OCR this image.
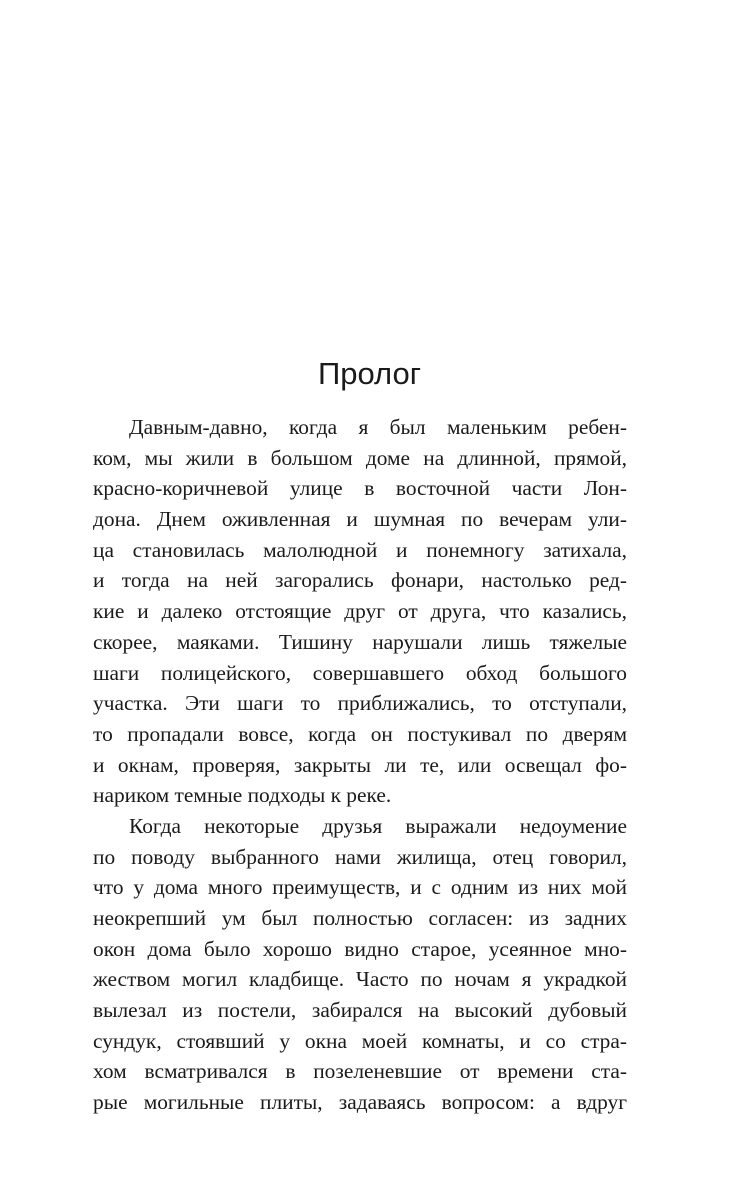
Пролог
Давным-давно, когда я был маленьким ребен-
ком, мы жили в большом доме на длинной, прямой,
красно-коричневой улице в восточной части Лон-
дона. Днем оживленная и шумная по вечерам ули-
ца становилась малолюдной и понемногу затихала,
и тогда на ней загорались фонари, настолько ред-
кие и далеко отстоящие друг от друга, что казались,
скорее, маяками. Тишину нарушали лишь тяжелые
шаги полицейского, совершавшего обход большого
участка. Эти шаги то приближались, то отступали,
то пропадали вовсе, когда он постукивал по дверям
и окнам, проверяя, закрыты ли те, или освещал фо-
нариком темные подходы к реке.
Когда некоторые друзья выражали недоумение
по поводу выбранного нами жилища, отец говорил,
что у дома много преимуществ, и с одним из них мой
неокрепший ум был полностью согласен: из задних
окон дома было хорошо видно старое, усеянное мно-
жеством могил кладбище. Часто по ночам я украдкой
вылезал из постели, забирался на высокий дубовый
сундук, стоявший у окна моей комнаты, и со стра-
хом всматривался в позеленевшие от времени ста-
рые могильные плиты, задаваясь вопросом: а вдруг
